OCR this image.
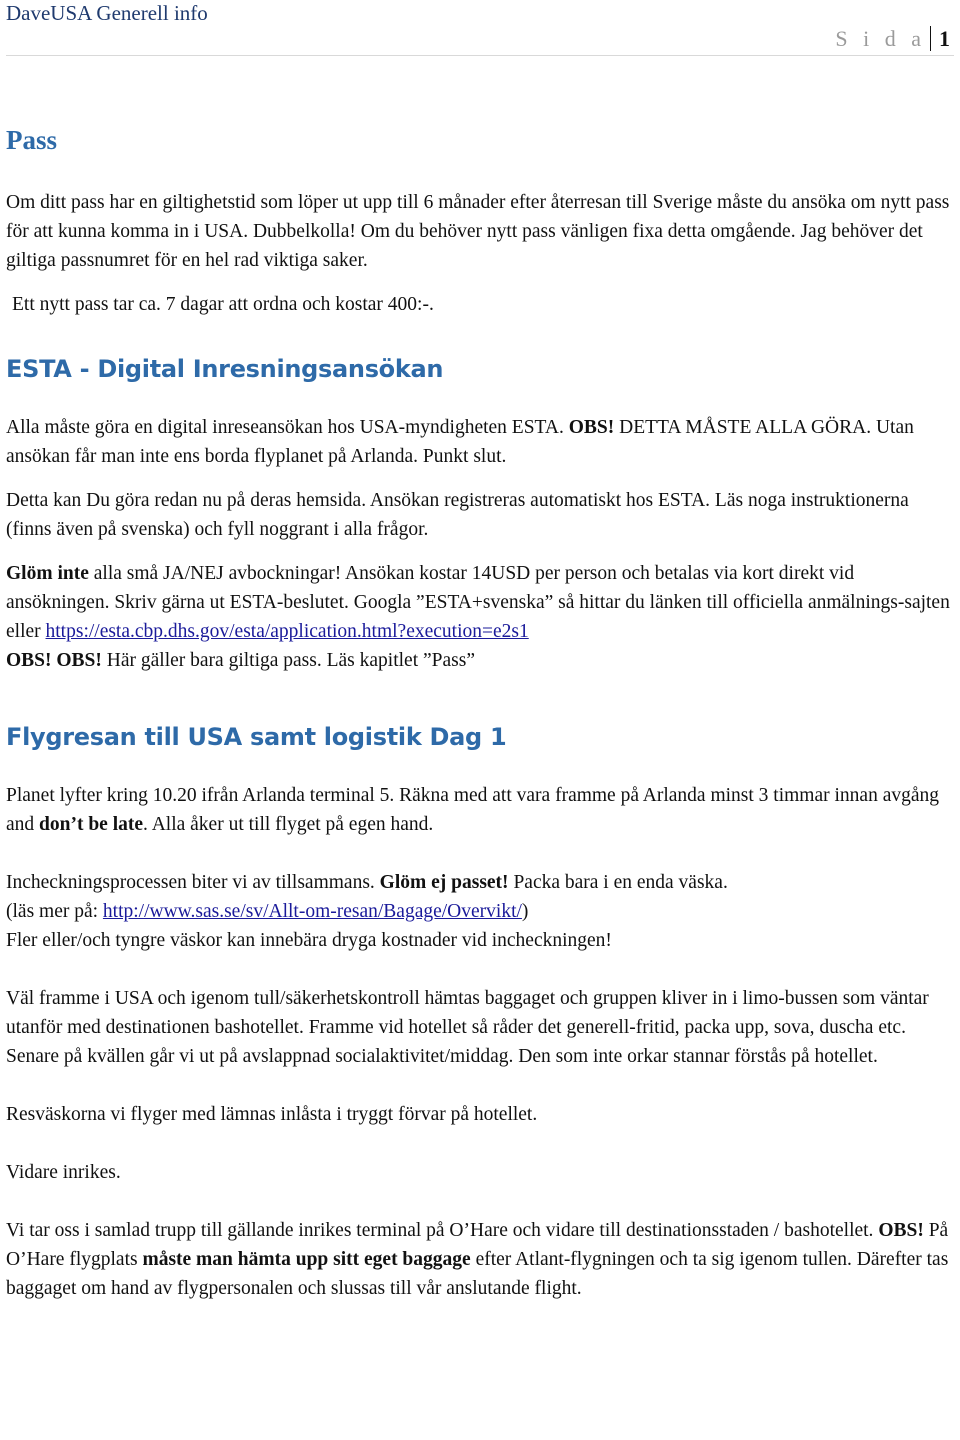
DaveUSA Generell info
S i d a 1
Pass

Om ditt pass har en giltighetstid som löper ut upp till 6 månader efter återresan till Sverige måste du ansöka om nytt pass för att kunna komma in i USA. Dubbelkolla! Om du behöver nytt pass vänligen fixa detta omgående. Jag behöver det giltiga passnumret för en hel rad viktiga saker.

Ett nytt pass tar ca. 7 dagar att ordna och kostar 400:-.

ESTA - Digital Inresningsansökan

Alla måste göra en digital inreseansökan hos USA-myndigheten ESTA. OBS! DETTA MÅSTE ALLA GÖRA. Utan ansökan får man inte ens borda flyplanet på Arlanda. Punkt slut.

Detta kan Du göra redan nu på deras hemsida. Ansökan registreras automatiskt hos ESTA. Läs noga instruktionerna (finns även på svenska) och fyll noggrant i alla frågor.

Glöm inte alla små JA/NEJ avbockningar! Ansökan kostar 14USD per person och betalas via kort direkt vid ansökningen. Skriv gärna ut ESTA-beslutet. Googla ”ESTA+svenska” så hittar du länken till officiella anmälnings-sajten eller https://esta.cbp.dhs.gov/esta/application.html?execution=e2s1
OBS! OBS! Här gäller bara giltiga pass. Läs kapitlet ”Pass”

Flygresan till USA samt logistik Dag 1

Planet lyfter kring 10.20 ifrån Arlanda terminal 5. Räkna med att vara framme på Arlanda minst 3 timmar innan avgång and don’t be late. Alla åker ut till flyget på egen hand.

Incheckningsprocessen biter vi av tillsammans. Glöm ej passet! Packa bara i en enda väska.
(läs mer på: http://www.sas.se/sv/Allt-om-resan/Bagage/Overvikt/)
Fler eller/och tyngre väskor kan innebära dryga kostnader vid incheckningen!

Väl framme i USA och igenom tull/säkerhetskontroll hämtas baggaget och gruppen kliver in i limo-bussen som väntar utanför med destinationen bashotellet. Framme vid hotellet så råder det generell-fritid, packa upp, sova, duscha etc. Senare på kvällen går vi ut på avslappnad socialaktivitet/middag. Den som inte orkar stannar förstås på hotellet.

Resväskorna vi flyger med lämnas inlåsta i tryggt förvar på hotellet.

Vidare inrikes.

Vi tar oss i samlad trupp till gällande inrikes terminal på O’Hare och vidare till destinationsstaden / bashotellet. OBS! På O’Hare flygplats måste man hämta upp sitt eget baggage efter Atlant-flygningen och ta sig igenom tullen. Därefter tas baggaget om hand av flygpersonalen och slussas till vår anslutande flight.
